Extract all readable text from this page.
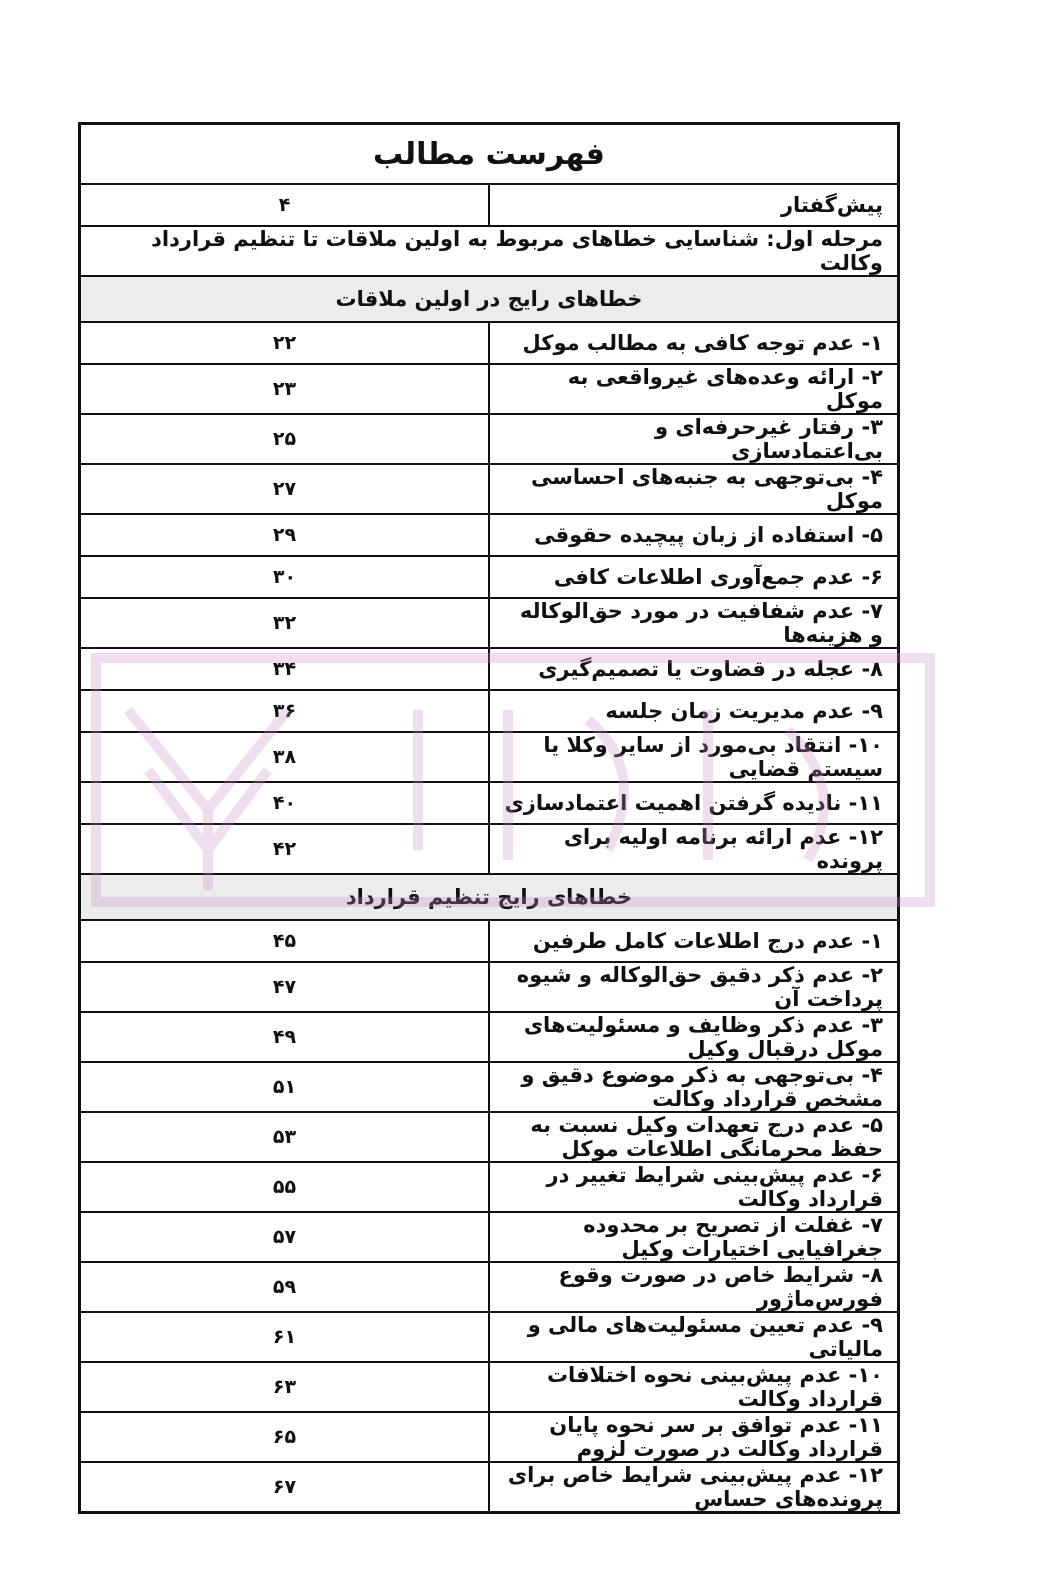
فهرست مطالب	
پیش‌گفتار	۴
مرحله اول: شناسایی خطاهای مربوط به اولین ملاقات تا تنظیم قرارداد وکالت	
خطاهای رایج در اولین ملاقات	
۱- عدم توجه کافی به مطالب موکل	۲۲
۲- ارائه وعده‌های غیرواقعی به موکل	۲۳
۳- رفتار غیرحرفه‌ای و بی‌اعتمادسازی	۲۵
۴- بی‌توجهی به جنبه‌های احساسی موکل	۲۷
۵- استفاده از زبان پیچیده حقوقی	۲۹
۶- عدم جمع‌آوری اطلاعات کافی	۳۰
۷- عدم شفافیت در مورد حق‌الوکاله و هزینه‌ها	۳۲
۸- عجله در قضاوت یا تصمیم‌گیری	۳۴
۹- عدم مدیریت زمان جلسه	۳۶
۱۰- انتقاد بی‌مورد از سایر وکلا یا سیستم قضایی	۳۸
۱۱- نادیده گرفتن اهمیت اعتمادسازی	۴۰
۱۲- عدم ارائه برنامه اولیه برای پرونده	۴۲
خطاهای رایج تنظیم قرارداد	
۱- عدم درج اطلاعات کامل طرفین	۴۵
۲- عدم ذکر دقیق حق‌الوکاله و شیوه پرداخت آن	۴۷
۳- عدم ذکر وظایف و مسئولیت‌های موکل درقبال وکیل	۴۹
۴- بی‌توجهی به ذکر موضوع دقیق و مشخص قرارداد وکالت	۵۱
۵- عدم درج تعهدات وکیل نسبت به حفظ محرمانگی اطلاعات موکل	۵۳
۶- عدم پیش‌بینی شرایط تغییر در قرارداد وکالت	۵۵
۷- غفلت از تصریح بر محدوده جغرافیایی اختیارات وکیل	۵۷
۸- شرایط خاص در صورت وقوع فورس‌ماژور	۵۹
۹- عدم تعیین مسئولیت‌های مالی و مالیاتی	۶۱
۱۰- عدم پیش‌بینی نحوه اختلافات قرارداد وکالت	۶۳
۱۱- عدم توافق بر سر نحوه پایان قرارداد وکالت در صورت لزوم	۶۵
۱۲- عدم پیش‌بینی شرایط خاص برای پرونده‌های حساس	۶۷
